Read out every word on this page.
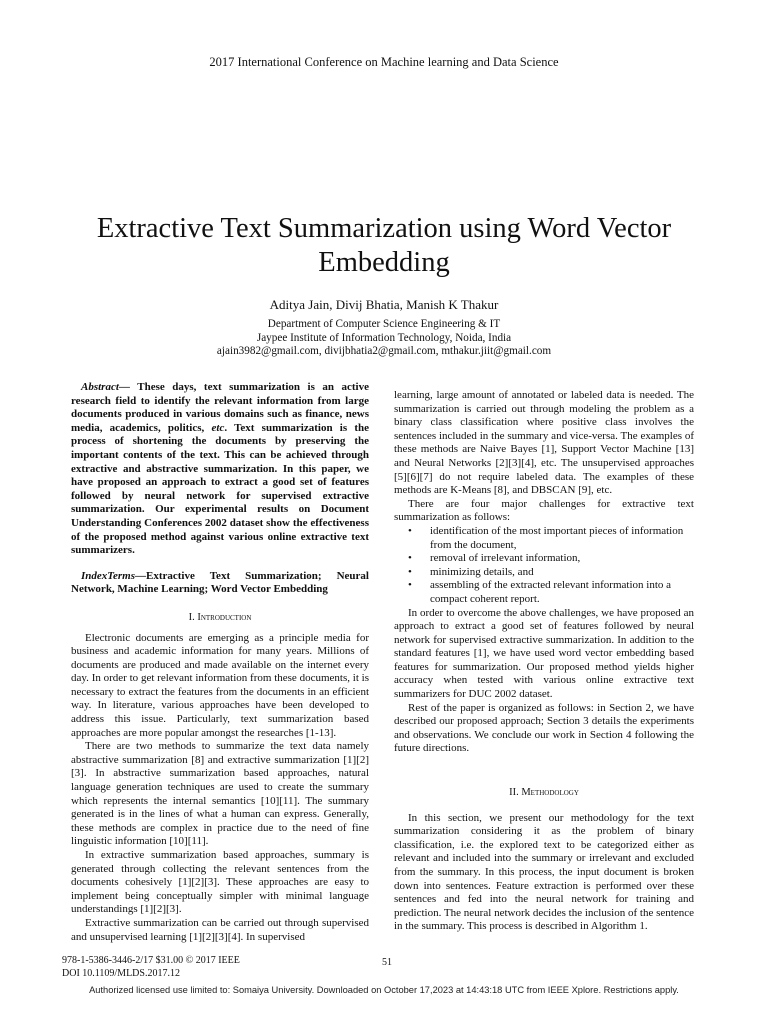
2017 International Conference on Machine learning and Data Science
Extractive Text Summarization using Word Vector Embedding
Aditya Jain, Divij Bhatia, Manish K Thakur
Department of Computer Science Engineering & IT
Jaypee Institute of Information Technology, Noida, India
ajain3982@gmail.com, divijbhatia2@gmail.com, mthakur.jiit@gmail.com

Abstract— These days, text summarization is an active research field to identify the relevant information from large documents produced in various domains such as finance, news media, academics, politics, etc. Text summarization is the process of shortening the documents by preserving the important contents of the text. This can be achieved through extractive and abstractive summarization. In this paper, we have proposed an approach to extract a good set of features followed by neural network for supervised extractive summarization. Our experimental results on Document Understanding Conferences 2002 dataset show the effectiveness of the proposed method against various online extractive text summarizers.

IndexTerms—Extractive Text Summarization; Neural Network, Machine Learning; Word Vector Embedding

I. Introduction

Electronic documents are emerging as a principle media for business and academic information for many years. Millions of documents are produced and made available on the internet every day. In order to get relevant information from these documents, it is necessary to extract the features from the documents in an efficient way. In literature, various approaches have been developed to address this issue. Particularly, text summarization based approaches are more popular amongst the researches [1-13].

There are two methods to summarize the text data namely abstractive summarization [8] and extractive summarization [1][2][3]. In abstractive summarization based approaches, natural language generation techniques are used to create the summary which represents the internal semantics [10][11]. The summary generated is in the lines of what a human can express. Generally, these methods are complex in practice due to the need of fine linguistic information [10][11].

In extractive summarization based approaches, summary is generated through collecting the relevant sentences from the documents cohesively [1][2][3]. These approaches are easy to implement being conceptually simpler with minimal language understandings [1][2][3].

Extractive summarization can be carried out through supervised and unsupervised learning [1][2][3][4]. In supervised

learning, large amount of annotated or labeled data is needed. The summarization is carried out through modeling the problem as a binary class classification where positive class involves the sentences included in the summary and vice-versa. The examples of these methods are Naive Bayes [1], Support Vector Machine [13] and Neural Networks [2][3][4], etc. The unsupervised approaches [5][6][7] do not require labeled data. The examples of these methods are K-Means [8], and DBSCAN [9], etc.

There are four major challenges for extractive text summarization as follows:

• identification of the most important pieces of information from the document,
• removal of irrelevant information,
• minimizing details, and
• assembling of the extracted relevant information into a compact coherent report.

In order to overcome the above challenges, we have proposed an approach to extract a good set of features followed by neural network for supervised extractive summarization. In addition to the standard features [1], we have used word vector embedding based features for summarization. Our proposed method yields higher accuracy when tested with various online extractive text summarizers for DUC 2002 dataset.

Rest of the paper is organized as follows: in Section 2, we have described our proposed approach; Section 3 details the experiments and observations. We conclude our work in Section 4 following the future directions.

II. Methodology

In this section, we present our methodology for the text summarization considering it as the problem of binary classification, i.e. the explored text to be categorized either as relevant and included into the summary or irrelevant and excluded from the summary. In this process, the input document is broken down into sentences. Feature extraction is performed over these sentences and fed into the neural network for training and prediction. The neural network decides the inclusion of the sentence in the summary. This process is described in Algorithm 1.

978-1-5386-3446-2/17 $31.00 © 2017 IEEE
DOI 10.1109/MLDS.2017.12
51
Authorized licensed use limited to: Somaiya University. Downloaded on October 17,2023 at 14:43:18 UTC from IEEE Xplore. Restrictions apply.
